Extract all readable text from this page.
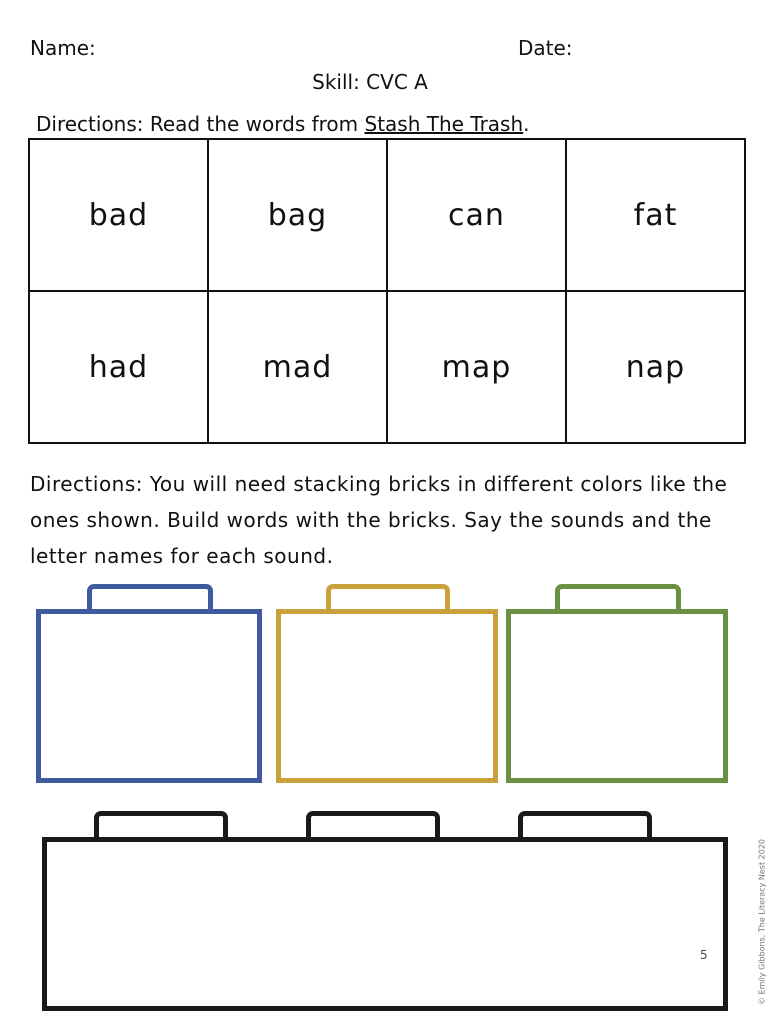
Name:	Date:
Skill: CVC A
Directions: Read the words from Stash The Trash.
bad	bag	can	fat
had	mad	map	nap
Directions: You will need stacking bricks in different colors like the ones shown. Build words with the bricks. Say the sounds and the letter names for each sound.
5	© Emily Gibbons, The Literacy Nest 2020
